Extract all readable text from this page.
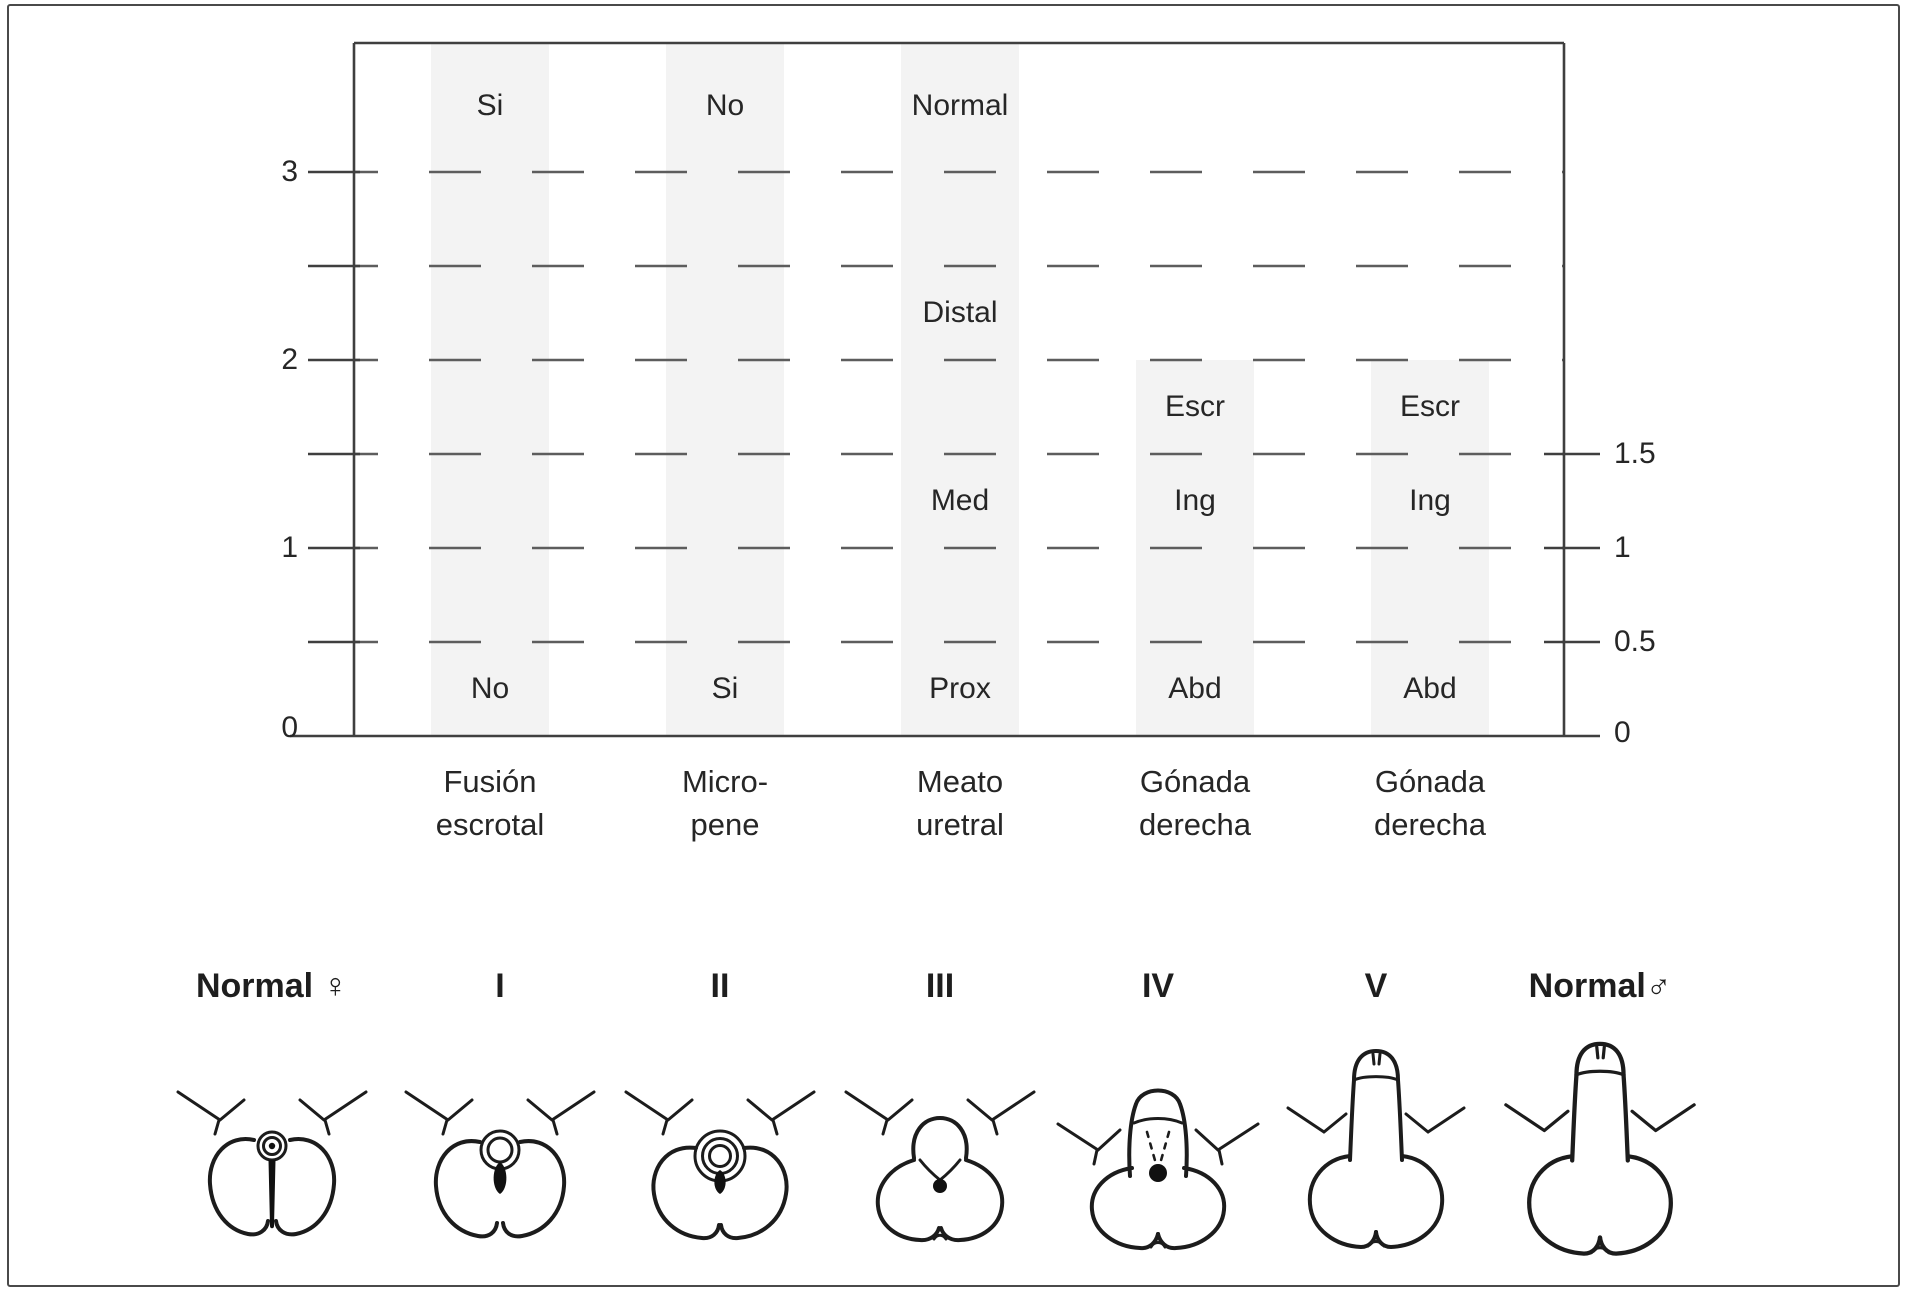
3
2
1
0
1.5
1
0.5
0
Si
No
No
Si
Normal
Distal
Med
Prox
Escr
Ing
Abd
Escr
Ing
Abd
Fusión
escrotal
Micro-
pene
Meato
uretral
Gónada
derecha
Gónada
derecha
Normal ♀	I	II	III	IV	V	Normal♂
